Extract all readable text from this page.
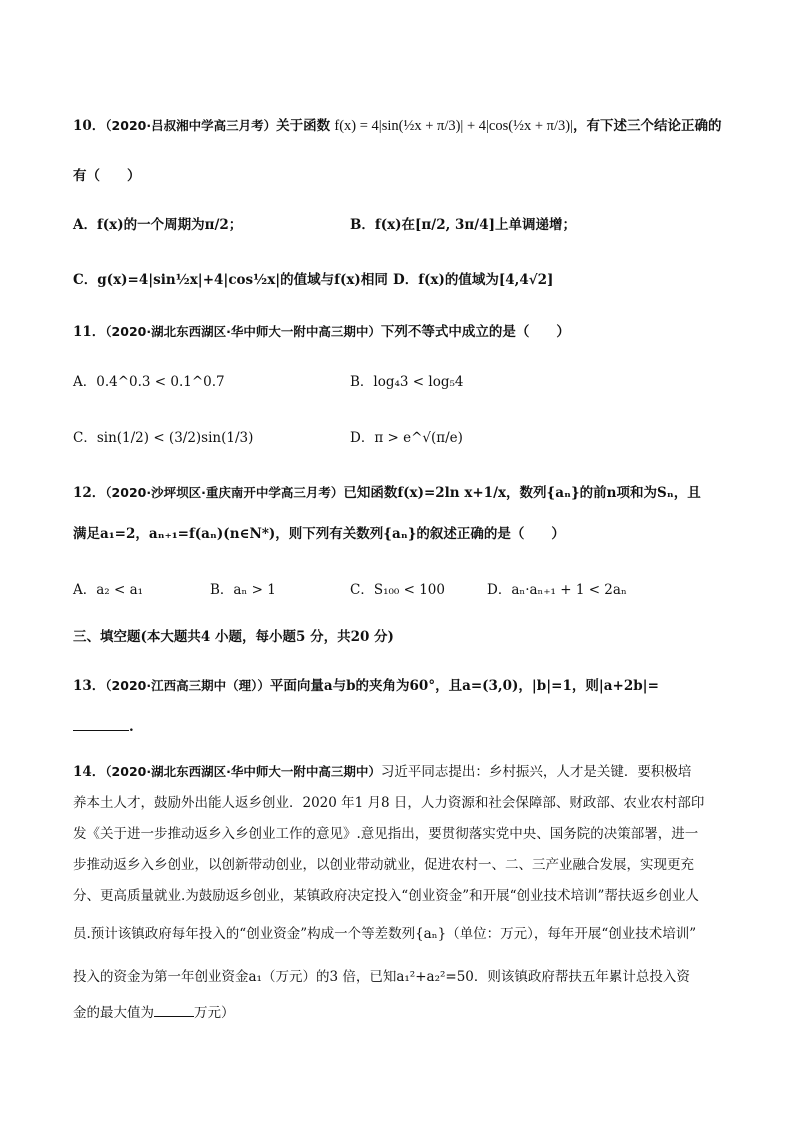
10．（2020·吕叔湘中学高三月考）关于函数 f(x) = 4|sin(½x + π/3)| + 4|cos(½x + π/3)|，有下述三个结论正确的
有（　　）
A．f(x)的一个周期为π/2；	B．f(x)在[π/2, 3π/4]上单调递增；
C．g(x)=4|sin½x|+4|cos½x|的值域与f(x)相同 D．f(x)的值域为[4,4√2]
11．（2020·湖北东西湖区·华中师大一附中高三期中）下列不等式中成立的是（　　）
A．0.4^0.3 < 0.1^0.7	B．log₄3 < log₅4
C．sin(1/2) < (3/2)sin(1/3)	D．π > e^√(π/e)
12．（2020·沙坪坝区·重庆南开中学高三月考）已知函数f(x)=2ln x+1/x，数列{aₙ}的前n项和为Sₙ，且
满足a₁=2，aₙ₊₁=f(aₙ)(n∈N*)，则下列有关数列{aₙ}的叙述正确的是（　　）
A．a₂ < a₁	B．aₙ > 1	C．S₁₀₀ < 100	D．aₙ·aₙ₊₁ + 1 < 2aₙ
三、填空题(本大题共4 小题，每小题5 分，共20 分)
13．（2020·江西高三期中（理））平面向量a与b的夹角为60°，且a=(3,0)，|b|=1，则|a+2b|=
.
14．（2020·湖北东西湖区·华中师大一附中高三期中）习近平同志提出：乡村振兴，人才是关键．要积极培
养本土人才，鼓励外出能人返乡创业．2020 年1 月8 日，人力资源和社会保障部、财政部、农业农村部印
发《关于进一步推动返乡入乡创业工作的意见》.意见指出，要贯彻落实党中央、国务院的决策部署，进一
步推动返乡入乡创业，以创新带动创业，以创业带动就业，促进农村一、二、三产业融合发展，实现更充
分、更高质量就业.为鼓励返乡创业，某镇政府决定投入“创业资金”和开展“创业技术培训”帮扶返乡创业人
员.预计该镇政府每年投入的“创业资金”构成一个等差数列{aₙ}（单位：万元），每年开展“创业技术培训”
投入的资金为第一年创业资金a₁（万元）的3 倍，已知a₁²+a₂²=50．则该镇政府帮扶五年累计总投入资
金的最大值为	万元）
